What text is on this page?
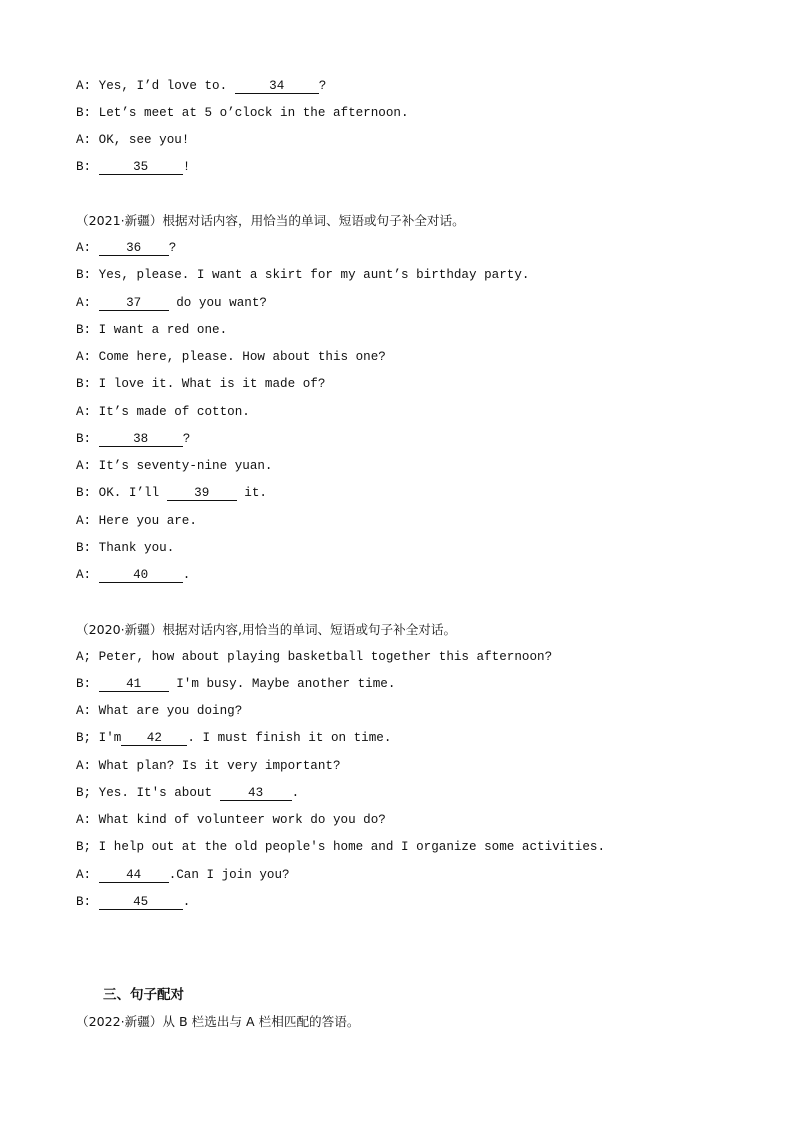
A: Yes, I’d love to.	34	?
B: Let’s meet at 5 o’clock in the afternoon.
A: OK, see you!
B:	35	!
（2021·新疆）根据对话内容，用恰当的单词、短语或句子补全对话。
A: 36 ?
B: Yes, please. I want a skirt for my aunt’s birthday party.
A: 37 do you want?
B: I want a red one.
A: Come here, please. How about this one?
B: I love it. What is it made of?
A: It’s made of cotton.
B:	38	?
A: It’s seventy-nine yuan.
B: OK. I’ll 39 it.
A: Here you are.
B: Thank you.
A:	40	.
（2020·新疆）根据对话内容,用恰当的单词、短语或句子补全对话。
A; Peter, how about playing basketball together this afternoon?
B: 41 I'm busy. Maybe another time.
A: What are you doing?
B; I'm 42 . I must finish it on time.
A: What plan? Is it very important?
B; Yes. It's about 43 .
A: What kind of volunteer work do you do?
B; I help out at the old people's home and I organize some activities.
A: 44 .Can I join you?
B:	45	.
三、句子配对
（2022·新疆）从 B 栏选出与 A 栏相匹配的答语。
